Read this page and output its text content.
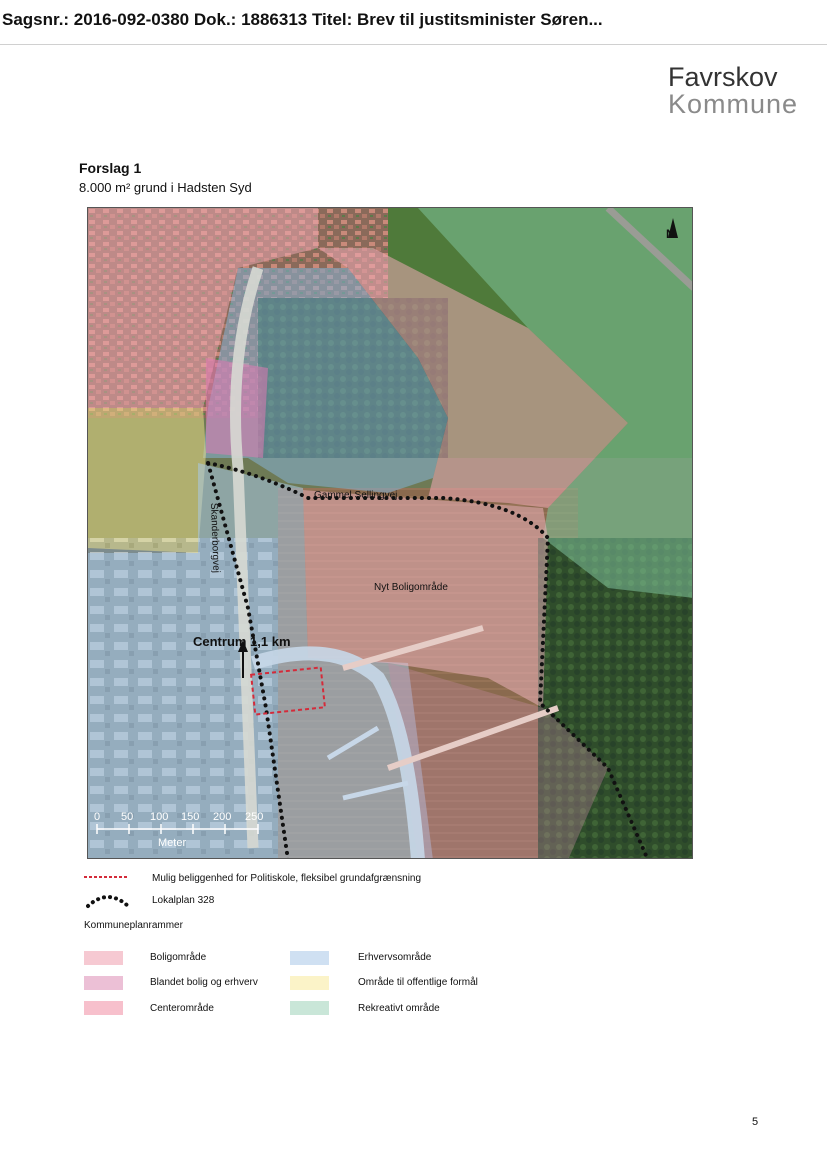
Sagsnr.: 2016-092-0380 Dok.: 1886313 Titel: Brev til justitsminister Søren...
Favrskov
Kommune
Forslag 1
8.000 m² grund i Hadsten Syd
N
Gammel Sellingvej
Skanderborgvej
Nyt Boligområde
Centrum 1,1 km
0 50 100 150 200 250
Meter
Mulig beliggenhed for Politiskole, fleksibel grundafgrænsning
Lokalplan 328
Kommuneplanrammer
Boligområde
Blandet bolig og erhverv
Centerområde
Erhvervsområde
Område til offentlige formål
Rekreativt område
5
